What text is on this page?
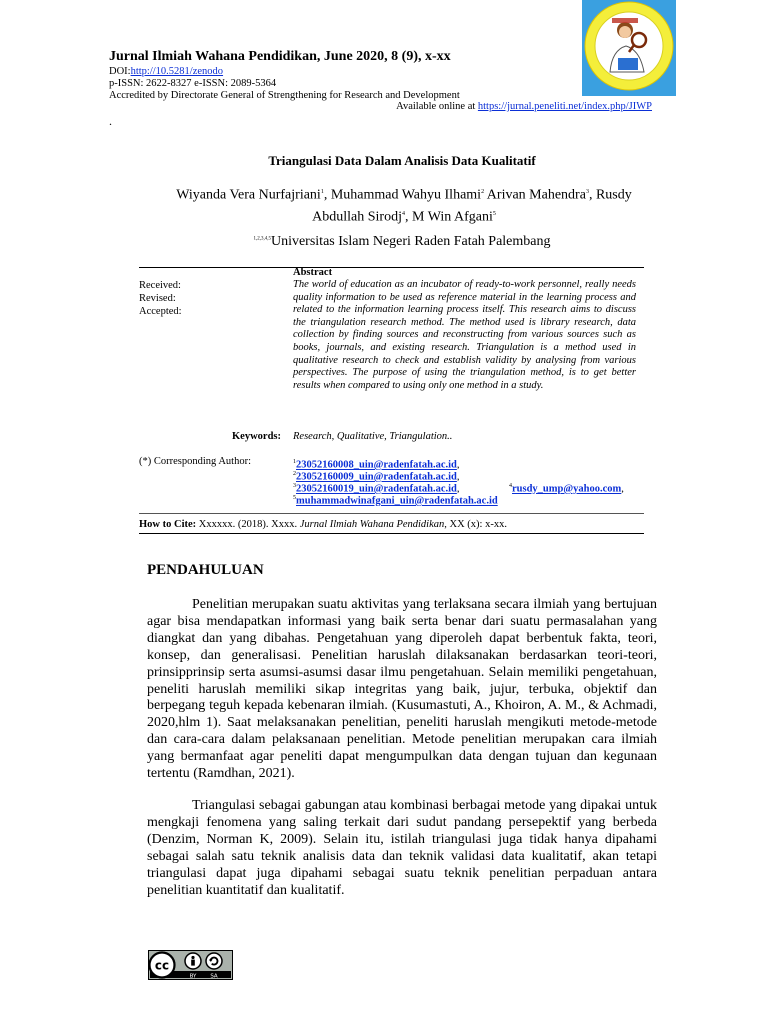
Jurnal Ilmiah Wahana Pendidikan, June 2020, 8 (9), x-xx
DOI:http://10.5281/zenodo
p-ISSN: 2622-8327 e-ISSN: 2089-5364
Accredited by Directorate General of Strengthening for Research and Development
Available online at https://jurnal.peneliti.net/index.php/JIWP
.
Triangulasi Data Dalam Analisis Data Kualitatif
Wiyanda Vera Nurfajriani$^1$, Muhammad Wahyu Ilhami$^2$ Arivan Mahendra$^3$, Rusdy
Abdullah Sirodj$^4$, M Win Afgani$^5$
$^{1,2,3,4,5}$Universitas Islam Negeri Raden Fatah Palembang
Received:
Revised:
Accepted:
Abstract
The world of education as an incubator of ready-to-work personnel, really needs quality information to be used as reference material in the learning process and related to the information learning process itself. This research aims to discuss the triangulation research method. The method used is library research, data collection by finding sources and reconstructing from various sources such as books, journals, and existing research. Triangulation is a method used in qualitative research to check and establish validity by analysing from various perspectives. The purpose of using the triangulation method, is to get better results when compared to using only one method in a study.
Keywords: Research, Qualitative, Triangulation..
(*) Corresponding Author:	$^1$23052160008_uin@radenfatah.ac.id,
$^2$23052160009_uin@radenfatah.ac.id,
$^3$23052160019_uin@radenfatah.ac.id,	$^4$rusdy_ump@yahoo.com,
$^5$muhammadwinafgani_uin@radenfatah.ac.id
How to Cite: Xxxxxx. (2018). Xxxx. Jurnal Ilmiah Wahana Pendidikan, XX (x): x-xx.
PENDAHULUAN
Penelitian merupakan suatu aktivitas yang terlaksana secara ilmiah yang bertujuan agar bisa mendapatkan informasi yang baik serta benar dari suatu permasalahan yang diangkat dan yang dibahas. Pengetahuan yang diperoleh dapat berbentuk fakta, teori, konsep, dan generalisasi. Penelitian haruslah dilaksanakan berdasarkan teori-teori, prinsipprinsip serta asumsi-asumsi dasar ilmu pengetahuan. Selain memiliki pengetahuan, peneliti haruslah memiliki sikap integritas yang baik, jujur, terbuka, objektif dan berpegang teguh kepada kebenaran ilmiah. (Kusumastuti, A., Khoiron, A. M., & Achmadi, 2020,hlm 1). Saat melaksanakan penelitian, peneliti haruslah mengikuti metode-metode dan cara-cara dalam pelaksanaan penelitian. Metode penelitian merupakan cara ilmiah yang bermanfaat agar peneliti dapat mengumpulkan data dengan tujuan dan kegunaan tertentu (Ramdhan, 2021).
Triangulasi sebagai gabungan atau kombinasi berbagai metode yang dipakai untuk mengkaji fenomena yang saling terkait dari sudut pandang persepektif yang berbeda (Denzim, Norman K, 2009). Selain itu, istilah triangulasi juga tidak hanya dipahami sebagai salah satu teknik analisis data dan teknik validasi data kualitatif, akan tetapi triangulasi dapat juga dipahami sebagai suatu teknik penelitian perpaduan antara penelitian kuantitatif dan kualitatif.
cc
BY	SA
